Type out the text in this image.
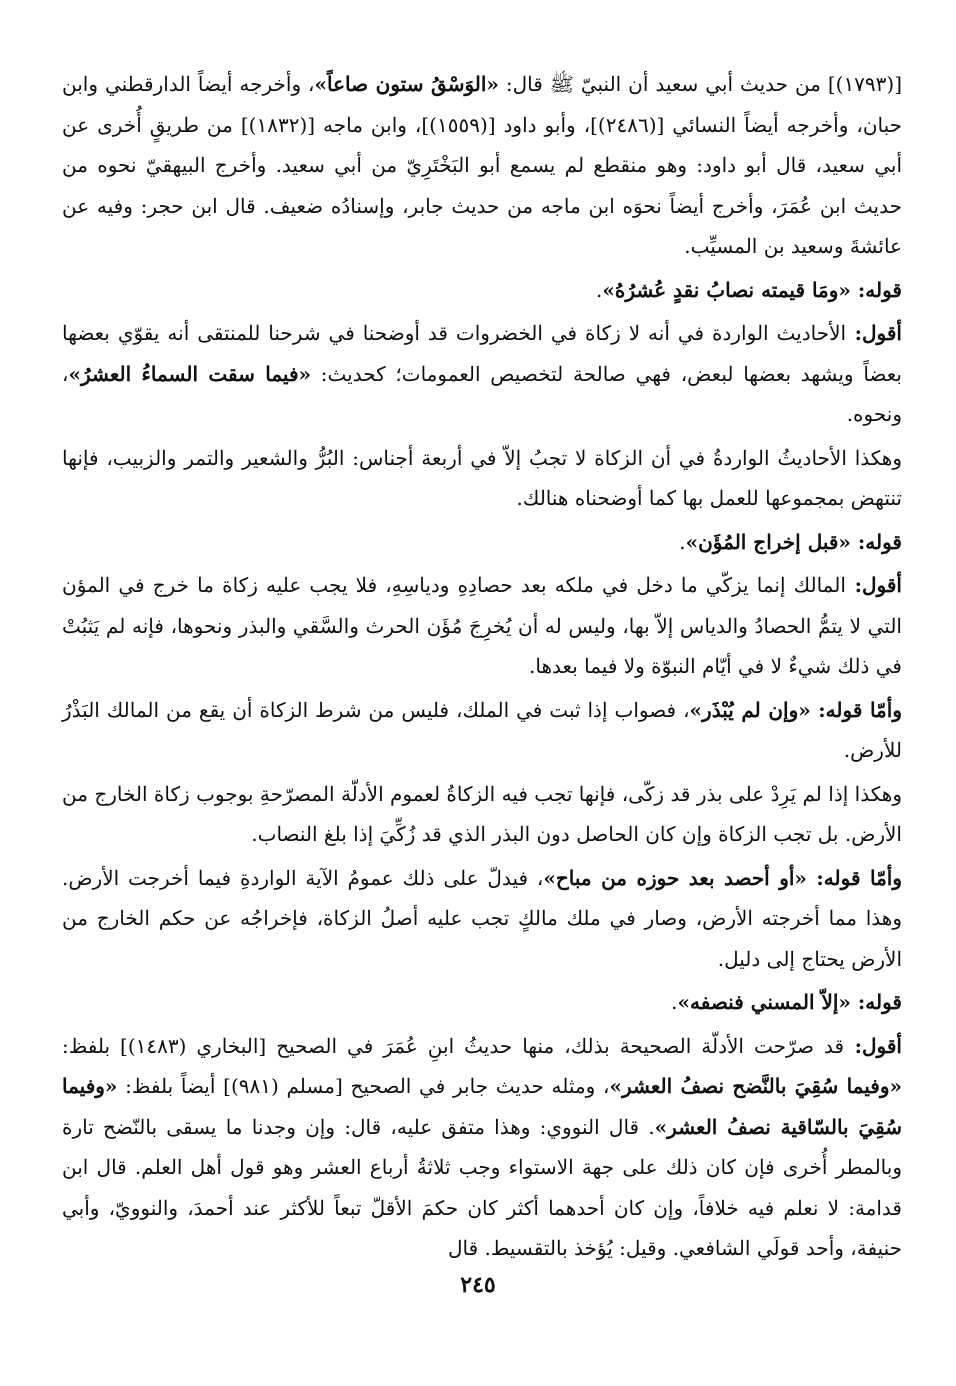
[(١٧٩٣)] من حديث أبي سعيد أن النبيّ ﷺ قال: «الوَسْقُ ستون صاعاً»، وأخرجه أيضاً الدارقطني وابن حبان، وأخرجه أيضاً النسائي [(٢٤٨٦)]، وأبو داود [(١٥٥٩)]، وابن ماجه [(١٨٣٢)] من طريقٍ أُخرى عن أبي سعيد، قال أبو داود: وهو منقطع لم يسمع أبو البَخْتَرِيّ من أبي سعيد. وأخرج البيهقيّ نحوه من حديث ابن عُمَرَ، وأخرج أيضاً نحوَه ابن ماجه من حديث جابر، وإسنادُه ضعيف. قال ابن حجر: وفيه عن عائشةَ وسعيد بن المسيِّب.

قوله: «ومَا قيمته نصابُ نقدٍ عُشرُهُ».

أقول: الأحاديث الواردة في أنه لا زكاة في الخضروات قد أوضحنا في شرحنا للمنتقى أنه يقوّي بعضها بعضاً ويشهد بعضها لبعض، فهي صالحة لتخصيص العمومات؛ كحديث: «فيما سقت السماءُ العشرُ»، ونحوه.

وهكذا الأحاديثُ الواردةُ في أن الزكاة لا تجبُ إلاّ في أربعة أجناس: البُرُّ والشعير والتمر والزبيب، فإنها تنتهض بمجموعها للعمل بها كما أوضحناه هنالك.

قوله: «قبل إخراج المُؤَن».

أقول: المالك إنما يزكّي ما دخل في ملكه بعد حصادِهِ ودياسِهِ، فلا يجب عليه زكاة ما خرج في المؤن التي لا يتمُّ الحصادُ والدياس إلاّ بها، وليس له أن يُخرِجَ مُؤَن الحرث والسَّقي والبذر ونحوها، فإنه لم يَثبُتْ في ذلك شيءٌ لا في أيّام النبوّة ولا فيما بعدها.

وأمّا قوله: «وإن لم يُبْذَر»، فصواب إذا ثبت في الملك، فليس من شرط الزكاة أن يقع من المالك البَذْرُ للأرض.

وهكذا إذا لم يَرِدْ على بذر قد زكّى، فإنها تجب فيه الزكاةُ لعموم الأدلّة المصرّحةِ بوجوب زكاة الخارج من الأرض. بل تجب الزكاة وإن كان الحاصل دون البذر الذي قد زُكِّيَ إذا بلغ النصاب.

وأمّا قوله: «أو أحصد بعد حوزه من مباح»، فيدلّ على ذلك عمومُ الآية الواردةِ فيما أخرجت الأرض. وهذا مما أخرجته الأرض، وصار في ملك مالكٍ تجب عليه أصلُ الزكاة، فإخراجُه عن حكم الخارج من الأرض يحتاج إلى دليل.

قوله: «إلاّ المسني فنصفه».

أقول: قد صرّحت الأدلّة الصحيحة بذلك، منها حديثُ ابنِ عُمَرَ في الصحيح [البخاري (١٤٨٣)] بلفظ: «وفيما سُقِيَ بالنَّضح نصفُ العشر»، ومثله حديث جابر في الصحيح [مسلم (٩٨١)] أيضاً بلفظ: «وفيما سُقِيَ بالسّاقية نصفُ العشر». قال النووي: وهذا متفق عليه، قال: وإن وجدنا ما يسقى بالنّضح تارة وبالمطر أُخرى فإن كان ذلك على جهة الاستواء وجب ثلاثةُ أرباع العشر وهو قول أهل العلم. قال ابن قدامة: لا نعلم فيه خلافاً، وإن كان أحدهما أكثر كان حكمَ الأقلّ تبعاً للأكثر عند أحمدَ، والنوويّ، وأبي حنيفة، وأحد قولَي الشافعي. وقيل: يُؤخذ بالتقسيط. قال

٢٤٥
